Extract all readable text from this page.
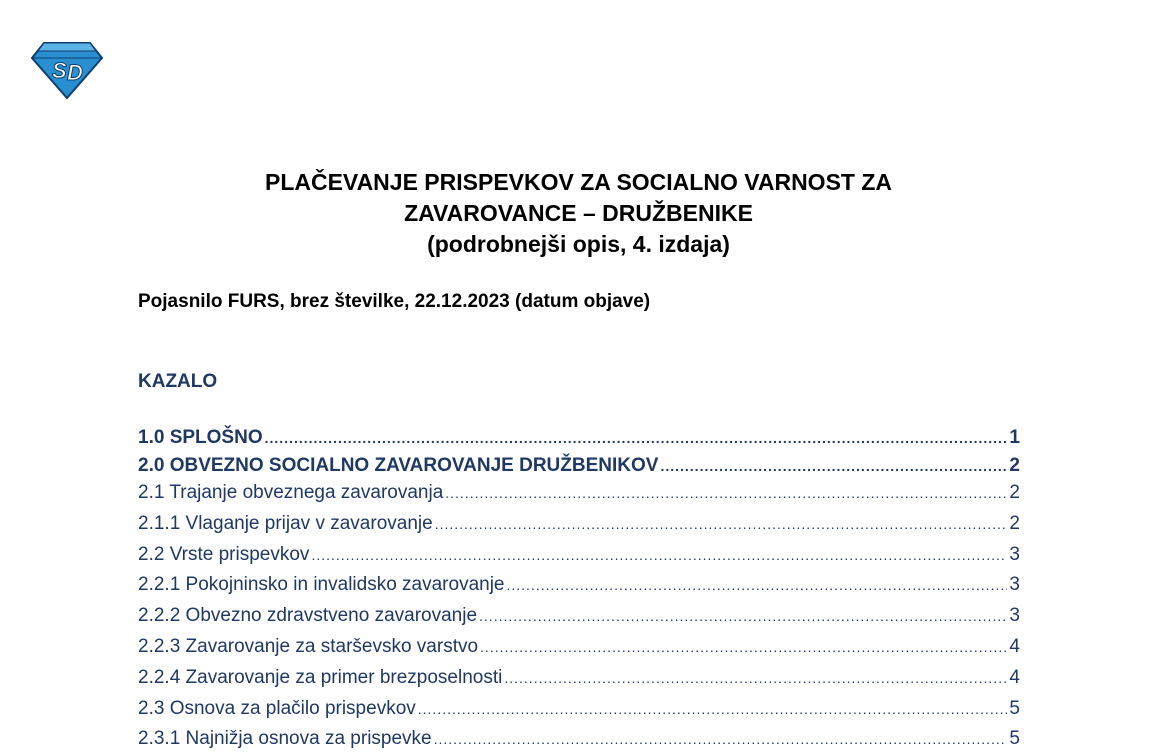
S D
PLAČEVANJE PRISPEVKOV ZA SOCIALNO VARNOST ZA
ZAVAROVANCE – DRUŽBENIKE
(podrobnejši opis, 4. izdaja)
Pojasnilo FURS, brez številke, 22.12.2023 (datum objave)
KAZALO
1.0 SPLOŠNO .....	1
2.0 OBVEZNO SOCIALNO ZAVAROVANJE DRUŽBENIKOV .....	2
2.1 Trajanje obveznega zavarovanja .....	2
2.1.1 Vlaganje prijav v zavarovanje .....	2
2.2 Vrste prispevkov .....	3
2.2.1 Pokojninsko in invalidsko zavarovanje .....	3
2.2.2 Obvezno zdravstveno zavarovanje .....	3
2.2.3 Zavarovanje za starševsko varstvo .....	4
2.2.4 Zavarovanje za primer brezposelnosti .....	4
2.3 Osnova za plačilo prispevkov .....	5
2.3.1 Najnižja osnova za prispevke .....	5
